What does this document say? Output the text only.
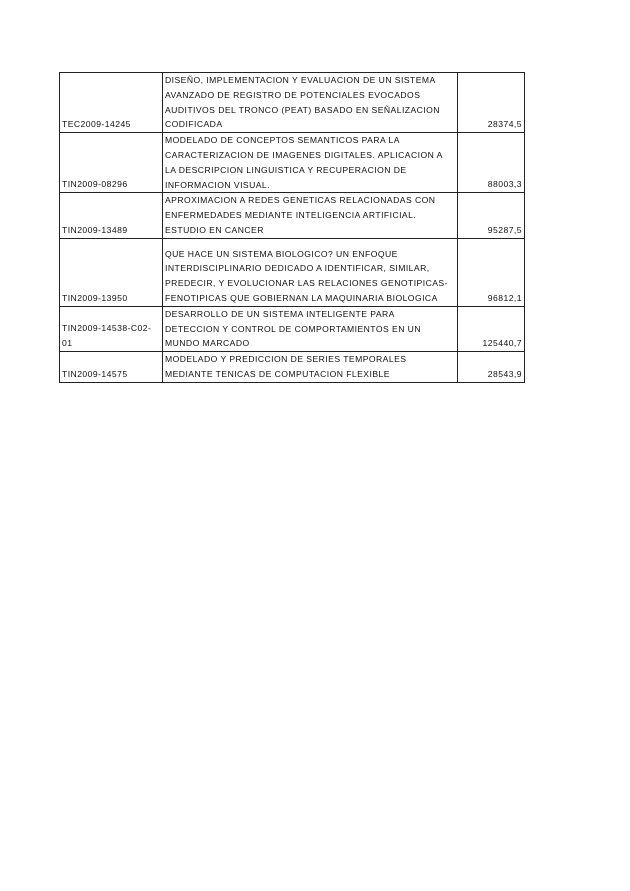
TEC2009-14245	DISEÑO, IMPLEMENTACION Y EVALUACION DE UN SISTEMA
AVANZADO DE REGISTRO DE POTENCIALES EVOCADOS
AUDITIVOS DEL TRONCO (PEAT) BASADO EN SEÑALIZACION
CODIFICADA	28374,5
TIN2009-08296	MODELADO DE CONCEPTOS SEMANTICOS PARA LA
CARACTERIZACION DE IMAGENES DIGITALES. APLICACION A
LA DESCRIPCION LINGUISTICA Y RECUPERACION DE
INFORMACION VISUAL.	88003,3
TIN2009-13489	APROXIMACION A REDES GENETICAS RELACIONADAS CON
ENFERMEDADES MEDIANTE INTELIGENCIA ARTIFICIAL.
ESTUDIO EN CANCER	95287,5
TIN2009-13950	QUE HACE UN SISTEMA BIOLOGICO? UN ENFOQUE
INTERDISCIPLINARIO DEDICADO A IDENTIFICAR, SIMILAR,
PREDECIR, Y EVOLUCIONAR LAS RELACIONES GENOTIPICAS-
FENOTIPICAS QUE GOBIERNAN LA MAQUINARIA BIOLOGICA	96812,1
TIN2009-14538-C02-
01	DESARROLLO DE UN SISTEMA INTELIGENTE PARA
DETECCION Y CONTROL DE COMPORTAMIENTOS EN UN
MUNDO MARCADO	125440,7
TIN2009-14575	MODELADO Y PREDICCION DE SERIES TEMPORALES
MEDIANTE TENICAS DE COMPUTACION FLEXIBLE	28543,9
